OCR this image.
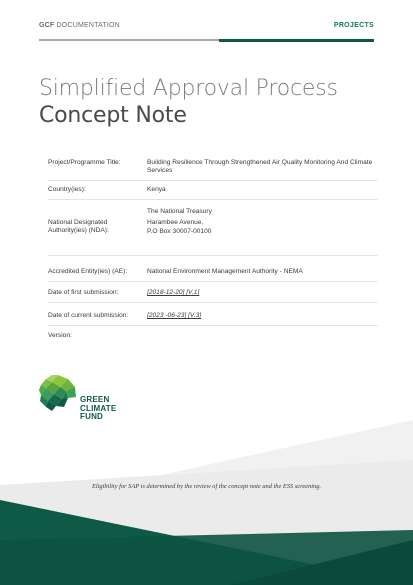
GCF DOCUMENTATION	PROJECTS
Simplified Approval Process
Concept Note
Project/Programme Title:	Building Resilience Through Strengthened Air Quality Monitoring And Climate Services
Country(ies):	Kenya
National Designated Authority(ies) (NDA):
The National Treasury
Harambee Avenue,
P.O Box 30007-00100
Accredited Entity(ies) (AE):	National Environment Management Authority - NEMA
Date of first submission:	[2018-12-20] [V.1]
Date of current submission:	[2023 -06-23] [V.3]
Version:
GREEN
CLIMATE
FUND
Eligibility for SAP is determined by the review of the concept note and the ESS screening.
